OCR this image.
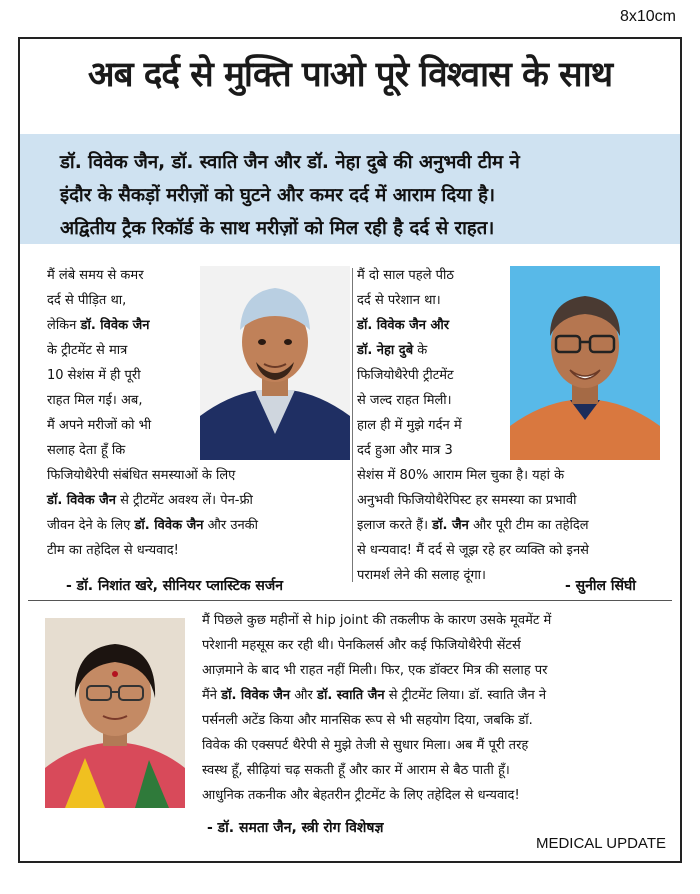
8x10cm
अब दर्द से मुक्ति पाओ पूरे विश्वास के साथ
डॉ. विवेक जैन, डॉ. स्वाति जैन और डॉ. नेहा दुबे की अनुभवी टीम ने
इंदौर के सैकड़ों मरीज़ों को घुटने और कमर दर्द में आराम दिया है।
अद्वितीय ट्रैक रिकॉर्ड के साथ मरीज़ों को मिल रही है दर्द से राहत।
मैं लंबे समय से कमर
दर्द से पीड़ित था,
लेकिन डॉ. विवेक जैन
के ट्रीटमेंट से मात्र
10 सेशंस में ही पूरी
राहत मिल गई। अब,
मैं अपने मरीजों को भी
सलाह देता हूँ कि
फिजियोथैरेपी संबंधित समस्याओं के लिए
डॉ. विवेक जैन से ट्रीटमेंट अवश्य लें। पेन-फ्री
जीवन देने के लिए डॉ. विवेक जैन और उनकी
टीम का तहेदिल से धन्यवाद!
- डॉ. निशांत खरे, सीनियर प्लास्टिक सर्जन
मैं दो साल पहले पीठ
दर्द से परेशान था।
डॉ. विवेक जैन और
डॉ. नेहा दुबे के
फिजियोथैरेपी ट्रीटमेंट
से जल्द राहत मिली।
हाल ही में मुझे गर्दन में
दर्द हुआ और मात्र 3
सेशंस में 80% आराम मिल चुका है। यहां के
अनुभवी फिजियोथैरेपिस्ट हर समस्या का प्रभावी
इलाज करते हैं। डॉ. जैन और पूरी टीम का तहेदिल
से धन्यवाद! मैं दर्द से जूझ रहे हर व्यक्ति को इनसे
परामर्श लेने की सलाह दूंगा।
- सुनील सिंघी
मैं पिछले कुछ महीनों से hip joint की तकलीफ के कारण उसके मूवमेंट में
परेशानी महसूस कर रही थी। पेनकिलर्स और कई फिजियोथैरेपी सेंटर्स
आज़माने के बाद भी राहत नहीं मिली। फिर, एक डॉक्टर मित्र की सलाह पर
मैंने डॉ. विवेक जैन और डॉ. स्वाति जैन से ट्रीटमेंट लिया। डॉ. स्वाति जैन ने
पर्सनली अटेंड किया और मानसिक रूप से भी सहयोग दिया, जबकि डॉ.
विवेक की एक्सपर्ट थैरेपी से मुझे तेजी से सुधार मिला। अब मैं पूरी तरह
स्वस्थ हूँ, सीढ़ियां चढ़ सकती हूँ और कार में आराम से बैठ पाती हूँ।
आधुनिक तकनीक और बेहतरीन ट्रीटमेंट के लिए तहेदिल से धन्यवाद!
- डॉ. समता जैन, स्त्री रोग विशेषज्ञ
MEDICAL UPDATE
